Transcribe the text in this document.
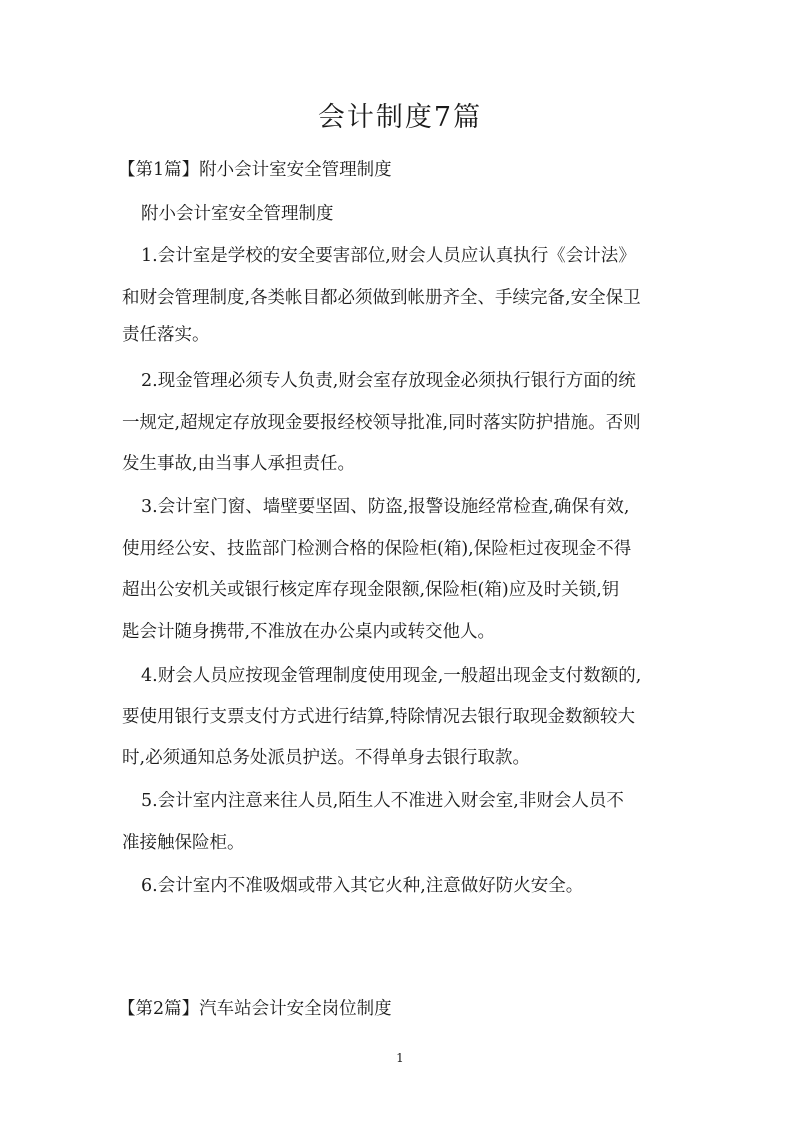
会计制度7篇

【第1篇】附小会计室安全管理制度

附小会计室安全管理制度

1.会计室是学校的安全要害部位,财会人员应认真执行《会计法》

和财会管理制度,各类帐目都必须做到帐册齐全、手续完备,安全保卫

责任落实。

2.现金管理必须专人负责,财会室存放现金必须执行银行方面的统

一规定,超规定存放现金要报经校领导批准,同时落实防护措施。否则

发生事故,由当事人承担责任。

3.会计室门窗、墙壁要坚固、防盗,报警设施经常检查,确保有效,

使用经公安、技监部门检测合格的保险柜(箱),保险柜过夜现金不得

超出公安机关或银行核定库存现金限额,保险柜(箱)应及时关锁,钥

匙会计随身携带,不准放在办公桌内或转交他人。

4.财会人员应按现金管理制度使用现金,一般超出现金支付数额的,

要使用银行支票支付方式进行结算,特除情况去银行取现金数额较大

时,必须通知总务处派员护送。不得单身去银行取款。

5.会计室内注意来往人员,陌生人不准进入财会室,非财会人员不

准接触保险柜。

6.会计室内不准吸烟或带入其它火种,注意做好防火安全。

【第2篇】汽车站会计安全岗位制度

1
